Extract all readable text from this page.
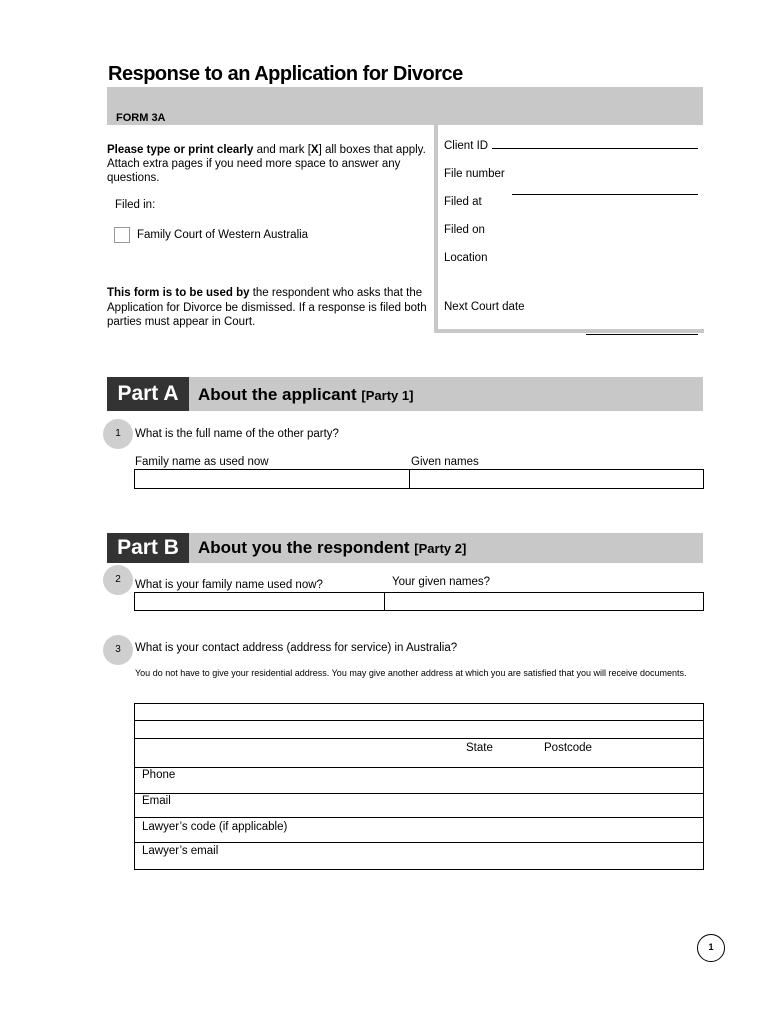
Response to an Application for Divorce
FORM 3A
Please type or print clearly and mark [X] all boxes that apply. Attach extra pages if you need more space to answer any questions.
Filed in:
Family Court of Western Australia
This form is to be used by the respondent who asks that the Application for Divorce be dismissed. If a response is filed both parties must appear in Court.
Client ID
File number
Filed at
Filed on
Location
Next Court date
Part A	About the applicant [Party 1]
1	What is the full name of the other party?
Family name as used now	Given names
Part B	About you the respondent [Party 2]
2	What is your family name used now?	Your given names?
3	What is your contact address (address for service) in Australia?
You do not have to give your residential address. You may give another address at which you are satisfied that you will receive documents.
State	Postcode
Phone
Email
Lawyer’s code (if applicable)
Lawyer’s email
1
